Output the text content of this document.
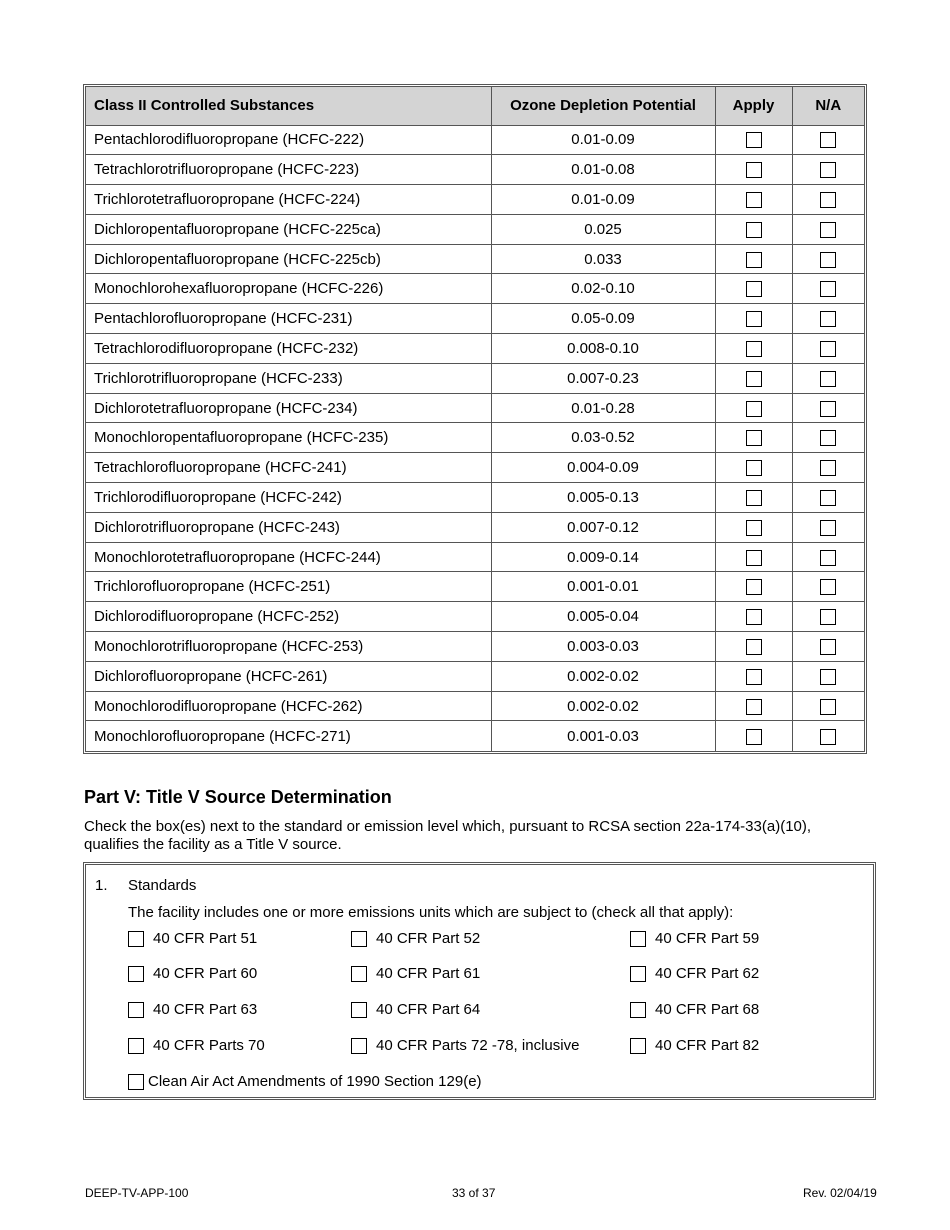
Class II Controlled Substances	Ozone Depletion Potential	Apply	N/A
Pentachlorodifluoropropane (HCFC-222)	0.01-0.09		
Tetrachlorotrifluoropropane (HCFC-223)	0.01-0.08		
Trichlorotetrafluoropropane (HCFC-224)	0.01-0.09		
Dichloropentafluoropropane (HCFC-225ca)	0.025		
Dichloropentafluoropropane (HCFC-225cb)	0.033		
Monochlorohexafluoropropane (HCFC-226)	0.02-0.10		
Pentachlorofluoropropane (HCFC-231)	0.05-0.09		
Tetrachlorodifluoropropane (HCFC-232)	0.008-0.10		
Trichlorotrifluoropropane (HCFC-233)	0.007-0.23		
Dichlorotetrafluoropropane (HCFC-234)	0.01-0.28		
Monochloropentafluoropropane (HCFC-235)	0.03-0.52		
Tetrachlorofluoropropane (HCFC-241)	0.004-0.09		
Trichlorodifluoropropane (HCFC-242)	0.005-0.13		
Dichlorotrifluoropropane (HCFC-243)	0.007-0.12		
Monochlorotetrafluoropropane (HCFC-244)	0.009-0.14		
Trichlorofluoropropane (HCFC-251)	0.001-0.01		
Dichlorodifluoropropane (HCFC-252)	0.005-0.04		
Monochlorotrifluoropropane (HCFC-253)	0.003-0.03		
Dichlorofluoropropane (HCFC-261)	0.002-0.02		
Monochlorodifluoropropane (HCFC-262)	0.002-0.02		
Monochlorofluoropropane (HCFC-271)	0.001-0.03		
Part V: Title V Source Determination
Check the box(es) next to the standard or emission level which, pursuant to RCSA section 22a-174-33(a)(10), qualifies the facility as a Title V source.
1. Standards
The facility includes one or more emissions units which are subject to (check all that apply):
40 CFR Part 51	40 CFR Part 52	40 CFR Part 59
40 CFR Part 60	40 CFR Part 61	40 CFR Part 62
40 CFR Part 63	40 CFR Part 64	40 CFR Part 68
40 CFR Parts 70	40 CFR Parts 72 -78, inclusive	40 CFR Part 82
Clean Air Act Amendments of 1990 Section 129(e)
DEEP-TV-APP-100	33 of 37	Rev. 02/04/19
